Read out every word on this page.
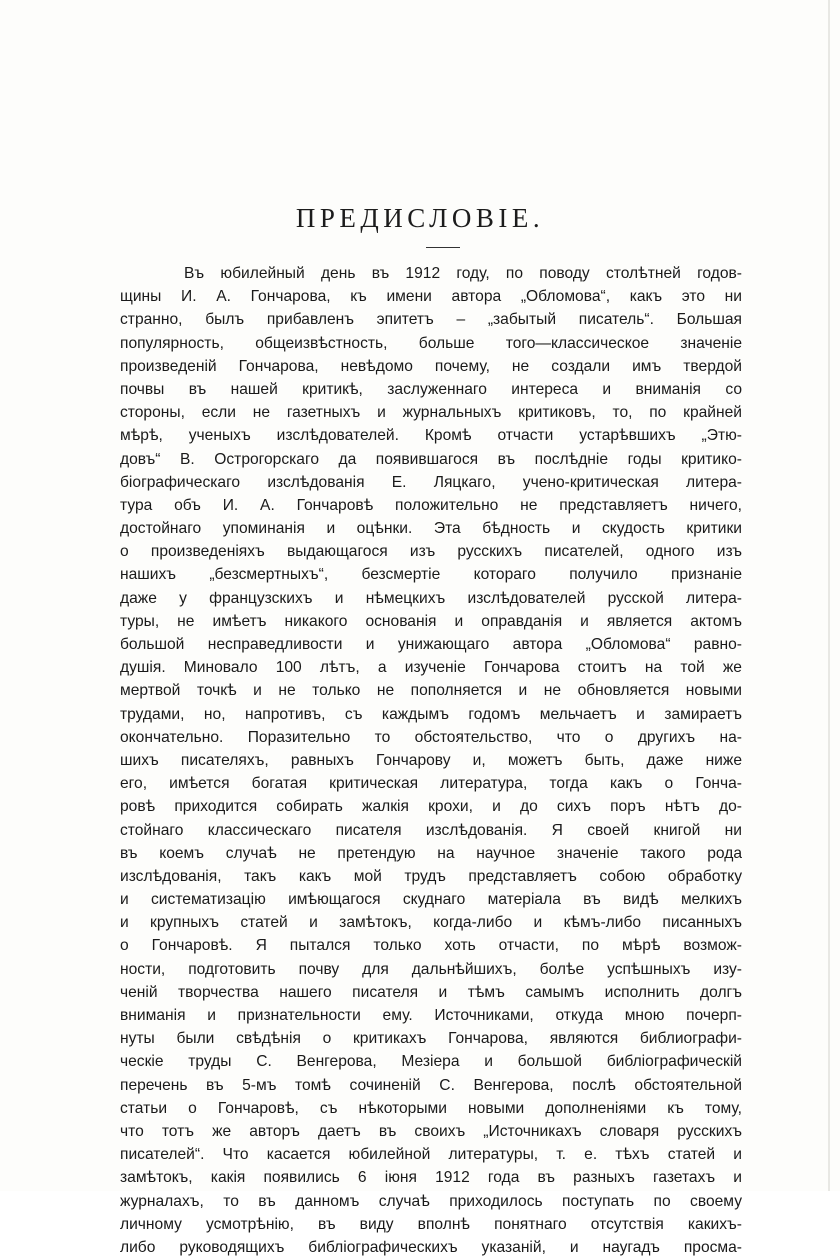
ПРЕДИСЛОВІЕ.
Въ юбилейный день въ 1912 году, по поводу столѣтней годов-
щины И. А. Гончарова, къ имени автора „Обломова“, какъ это ни
странно, былъ прибавленъ эпитетъ – „забытый писатель“. Большая
популярность, общеизвѣстность, больше того—классическое значеніе
произведеній Гончарова, невѣдомо почему, не создали имъ твердой
почвы въ нашей критикѣ, заслуженнаго интереса и вниманія со
стороны, если не газетныхъ и журнальныхъ критиковъ, то, по крайней
мѣрѣ, ученыхъ изслѣдователей. Кромѣ отчасти устарѣвшихъ „Этю-
довъ“ В. Острогорскаго да появившагося въ послѣдніе годы критико-
біографическаго изслѣдованія Е. Ляцкаго, учено-критическая литера-
тура объ И. А. Гончаровѣ положительно не представляетъ ничего,
достойнаго упоминанія и оцѣнки. Эта бѣдность и скудость критики
о произведеніяхъ выдающагося изъ русскихъ писателей, одного изъ
нашихъ „безсмертныхъ“, безсмертіе котораго получило признаніе
даже у французскихъ и нѣмецкихъ изслѣдователей русской литера-
туры, не имѣетъ никакого основанія и оправданія и является актомъ
большой несправедливости и унижающаго автора „Обломова“ равно-
душія. Миновало 100 лѣтъ, а изученіе Гончарова стоитъ на той же
мертвой точкѣ и не только не пополняется и не обновляется новыми
трудами, но, напротивъ, съ каждымъ годомъ мельчаетъ и замираетъ
окончательно. Поразительно то обстоятельство, что о другихъ на-
шихъ писателяхъ, равныхъ Гончарову и, можетъ быть, даже ниже
его, имѣется богатая критическая литература, тогда какъ о Гонча-
ровѣ приходится собирать жалкія крохи, и до сихъ поръ нѣтъ до-
стойнаго классическаго писателя изслѣдованія. Я своей книгой ни
въ коемъ случаѣ не претендую на научное значеніе такого рода
изслѣдованія, такъ какъ мой трудъ представляетъ собою обработку
и систематизацію имѣющагося скуднаго матеріала въ видѣ мелкихъ
и крупныхъ статей и замѣтокъ, когда-либо и кѣмъ-либо писанныхъ
о Гончаровѣ. Я пытался только хоть отчасти, по мѣрѣ возмож-
ности, подготовить почву для дальнѣйшихъ, болѣе успѣшныхъ изу-
ченій творчества нашего писателя и тѣмъ самымъ исполнить долгъ
вниманія и признательности ему. Источниками, откуда мною почерп-
нуты были свѣдѣнія о критикахъ Гончарова, являются библиографи-
ческіе труды С. Венгерова, Мезіера и большой библіографическій
перечень въ 5-мъ томѣ сочиненій С. Венгерова, послѣ обстоятельной
статьи о Гончаровѣ, съ нѣкоторыми новыми дополненіями къ тому,
что тотъ же авторъ даетъ въ своихъ „Источникахъ словаря русскихъ
писателей“. Что касается юбилейной литературы, т. е. тѣхъ статей и
замѣтокъ, какія появились 6 іюня 1912 года въ разныхъ газетахъ и
журналахъ, то въ данномъ случаѣ приходилось поступать по своему
личному усмотрѣнію, въ виду вполнѣ понятнаго отсутствія какихъ-
либо руководящихъ библіографическихъ указаній, и наугадъ просма-
